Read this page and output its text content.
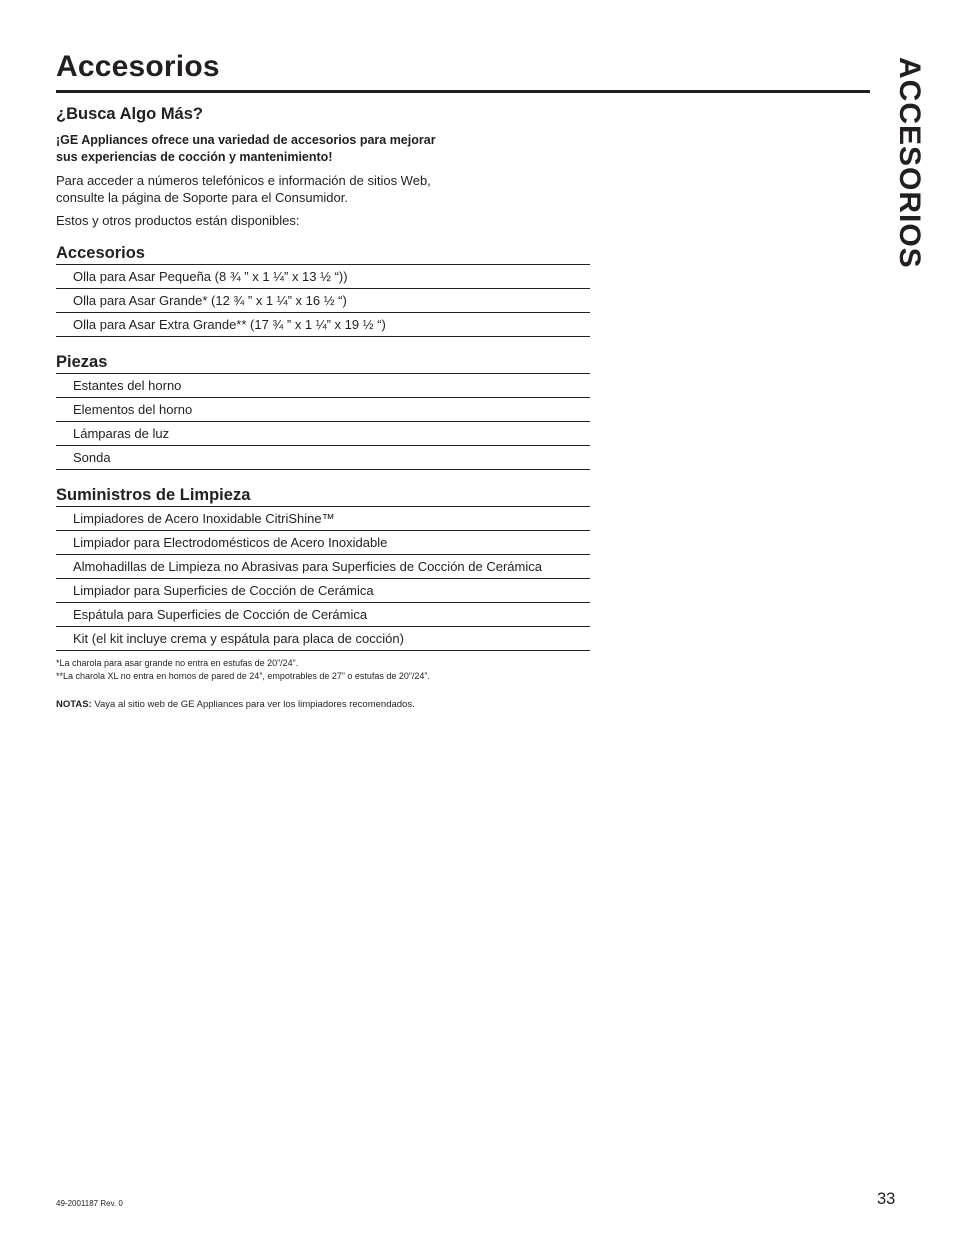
Accesorios	ACCESORIOS
¿Busca Algo Más?

¡GE Appliances ofrece una variedad de accesorios para mejorar sus experiencias de cocción y mantenimiento!

Para acceder a números telefónicos e información de sitios Web, consulte la página de Soporte para el Consumidor.

Estos y otros productos están disponibles:

Accesorios
Olla para Asar Pequeña (8 ¾ ” x 1 ¼” x 13 ½ “))
Olla para Asar Grande* (12 ¾ ” x 1 ¼” x 16 ½ “)
Olla para Asar Extra Grande** (17 ¾ ” x 1 ¼” x 19 ½ “)
Piezas
Estantes del horno
Elementos del horno
Lámparas de luz
Sonda
Suministros de Limpieza
Limpiadores de Acero Inoxidable CitriShine™
Limpiador para Electrodomésticos de Acero Inoxidable
Almohadillas de Limpieza no Abrasivas para Superficies de Cocción de Cerámica
Limpiador para Superficies de Cocción de Cerámica
Espátula para Superficies de Cocción de Cerámica
Kit (el kit incluye crema y espátula para placa de cocción)
*La charola para asar grande no entra en estufas de 20”/24”.
**La charola XL no entra en hornos de pared de 24”, empotrables de 27” o estufas de 20”/24”.
NOTAS: Vaya al sitio web de GE Appliances para ver los limpiadores recomendados.
49-2001187 Rev. 0	33
